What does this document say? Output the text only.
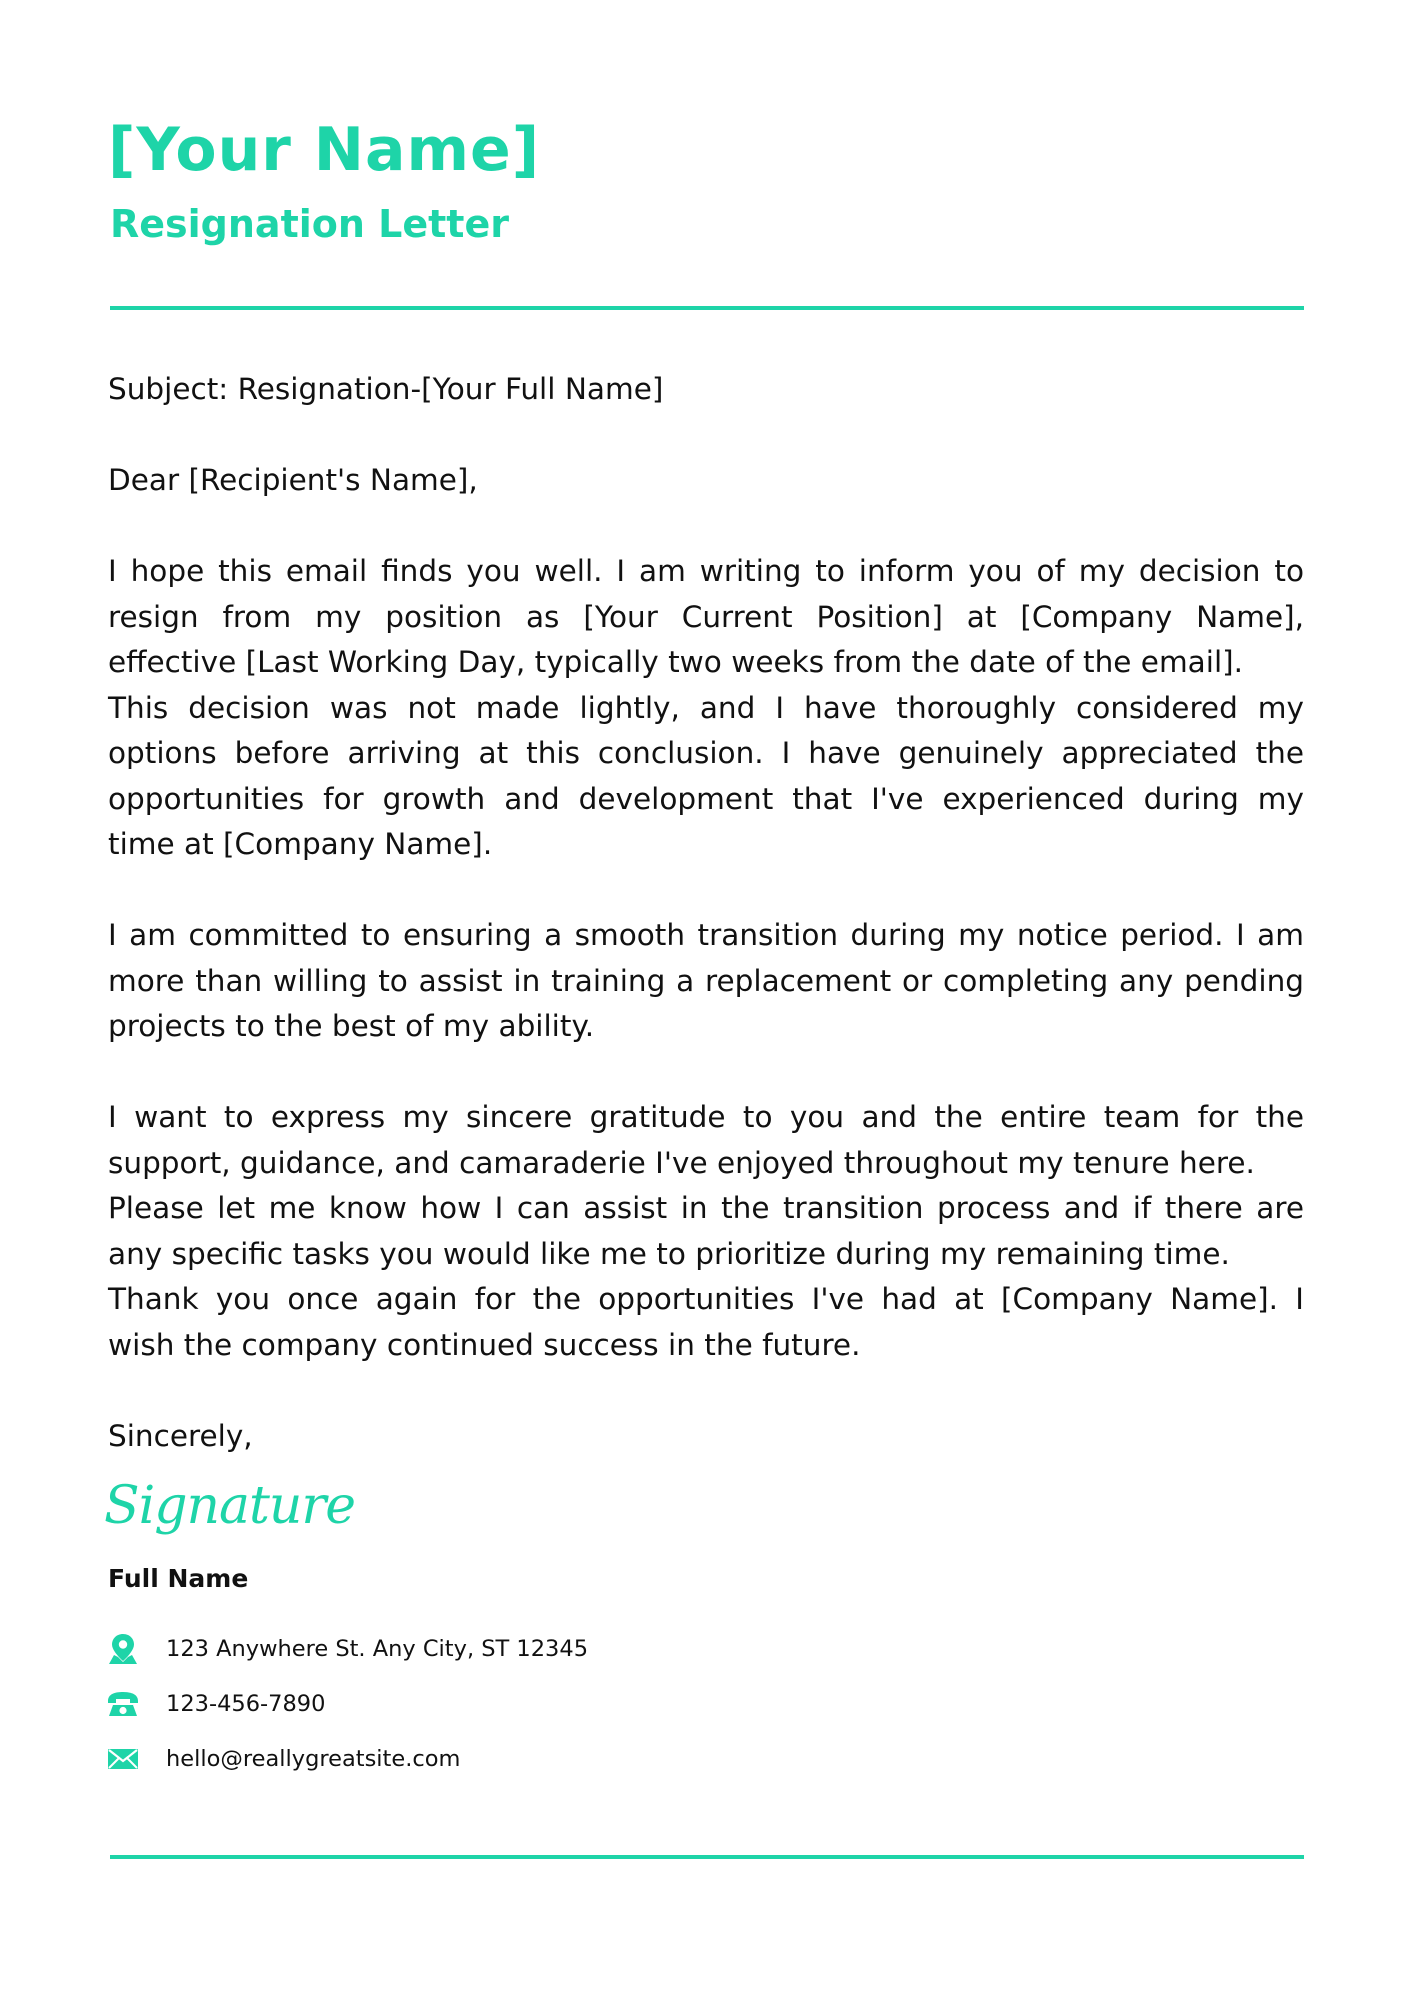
[Your Name]
Resignation Letter

Subject: Resignation-[Your Full Name]

Dear [Recipient's Name],

I hope this email finds you well. I am writing to inform you of my decision to
resign from my position as [Your Current Position] at [Company Name],
effective [Last Working Day, typically two weeks from the date of the email].
This decision was not made lightly, and I have thoroughly considered my
options before arriving at this conclusion. I have genuinely appreciated the
opportunities for growth and development that I've experienced during my
time at [Company Name].

I am committed to ensuring a smooth transition during my notice period. I am more than willing to assist in training a replacement or completing any pending projects to the best of my ability.

I want to express my sincere gratitude to you and the entire team for the
support, guidance, and camaraderie I've enjoyed throughout my tenure here.
Please let me know how I can assist in the transition process and if there are
any specific tasks you would like me to prioritize during my remaining time.
Thank you once again for the opportunities I've had at [Company Name]. I
wish the company continued success in the future.

Sincerely,

Signature
Full Name
123 Anywhere St. Any City, ST 12345
123-456-7890
hello@reallygreatsite.com
